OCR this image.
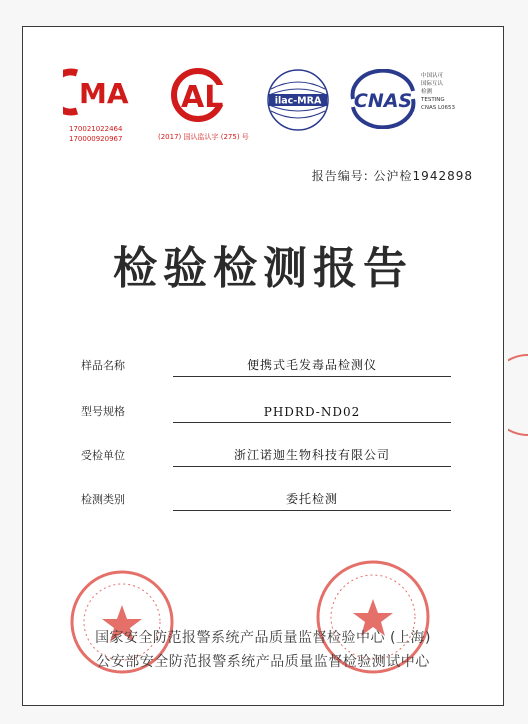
MA
170021022464
170000920967
AL
(2017) 国认监认字 (275) 号
ilac-MRA CNAS
中国认可
国际互认
检测
TESTING
CNAS L0653
报告编号: 公沪检1942898
检验检测报告
样品名称	便携式毛发毒品检测仪
型号规格	PHDRD-ND02
受检单位	浙江诺迦生物科技有限公司
检测类别	委托检测
国家安全防范报警系统产品质量监督检验中心 (上海)
公安部安全防范报警系统产品质量监督检验测试中心
